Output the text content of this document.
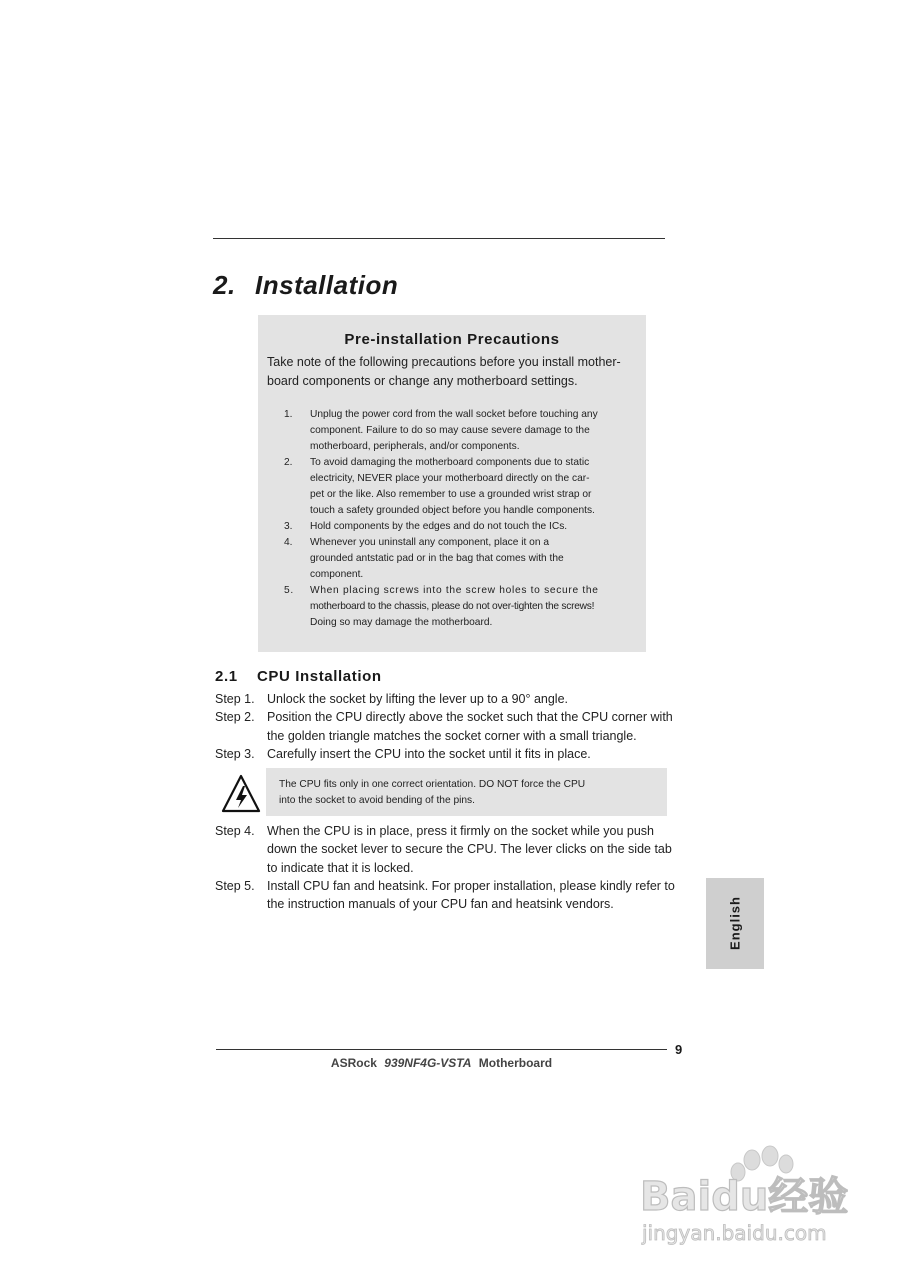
2. Installation
Pre-installation Precautions
Take note of the following precautions before you install mother-
board components or change any motherboard settings.
1. Unplug the power cord from the wall socket before touching any
component. Failure to do so may cause severe damage to the
motherboard, peripherals, and/or components.
2. To avoid damaging the motherboard components due to static
electricity, NEVER place your motherboard directly on the car-
pet or the like. Also remember to use a grounded wrist strap or
touch a safety grounded object before you handle components.
3. Hold components by the edges and do not touch the ICs.
4. Whenever you uninstall any component, place it on a
grounded antstatic pad or in the bag that comes with the
component.
5. When placing screws into the screw holes to secure the
motherboard to the chassis, please do not over-tighten the screws!
Doing so may damage the motherboard.
2.1 CPU Installation
Step 1. Unlock the socket by lifting the lever up to a 90° angle.
Step 2. Position the CPU directly above the socket such that the CPU corner with
the golden triangle matches the socket corner with a small triangle.
Step 3. Carefully insert the CPU into the socket until it fits in place.
The CPU fits only in one correct orientation. DO NOT force the CPU
into the socket to avoid bending of the pins.
Step 4. When the CPU is in place, press it firmly on the socket while you push
down the socket lever to secure the CPU. The lever clicks on the side tab
to indicate that it is locked.
Step 5. Install CPU fan and heatsink. For proper installation, please kindly refer to
the instruction manuals of your CPU fan and heatsink vendors.	English
9
ASRock 939NF4G-VSTA Motherboard
Baidu经验
jingyan.baidu.com
